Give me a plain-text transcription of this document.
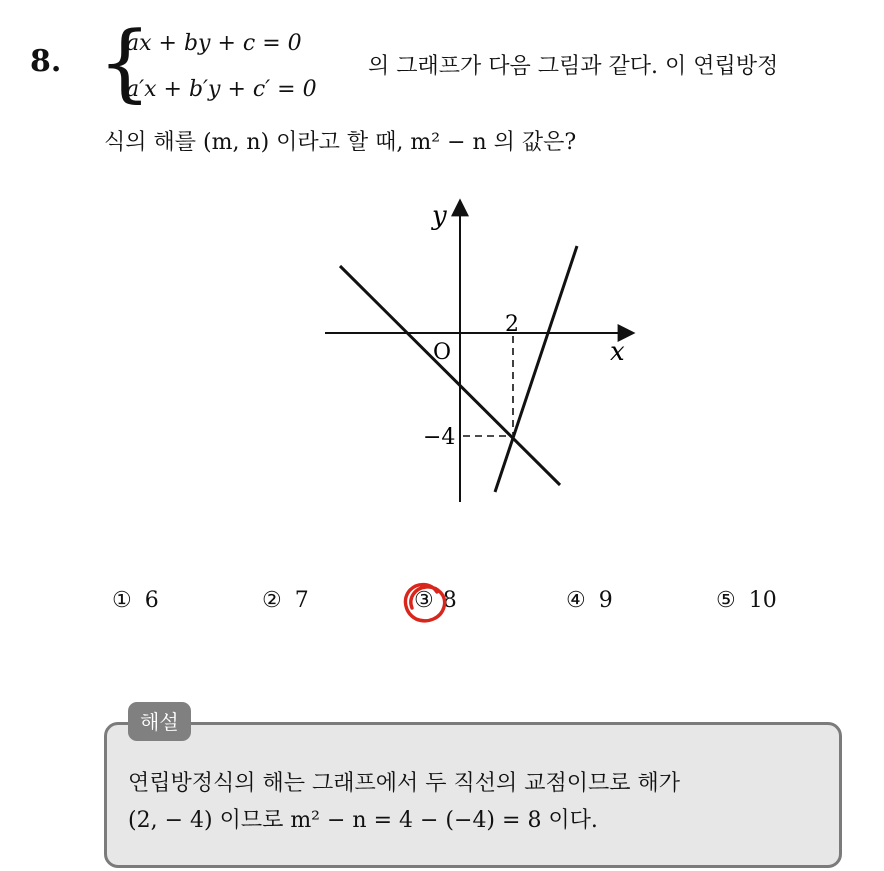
8. {
ax + by + c = 0
a′x + b′y + c′ = 0
의 그래프가 다음 그림과 같다. 이 연립방정
식의 해를 (m, n) 이라고 할 때, m² − n 의 값은?
y
x
O
2
−4
① 6	② 7	③ 8	④ 9	⑤ 10
해설
연립방정식의 해는 그래프에서 두 직선의 교점이므로 해가
(2, − 4) 이므로 m² − n = 4 − (−4) = 8 이다.
